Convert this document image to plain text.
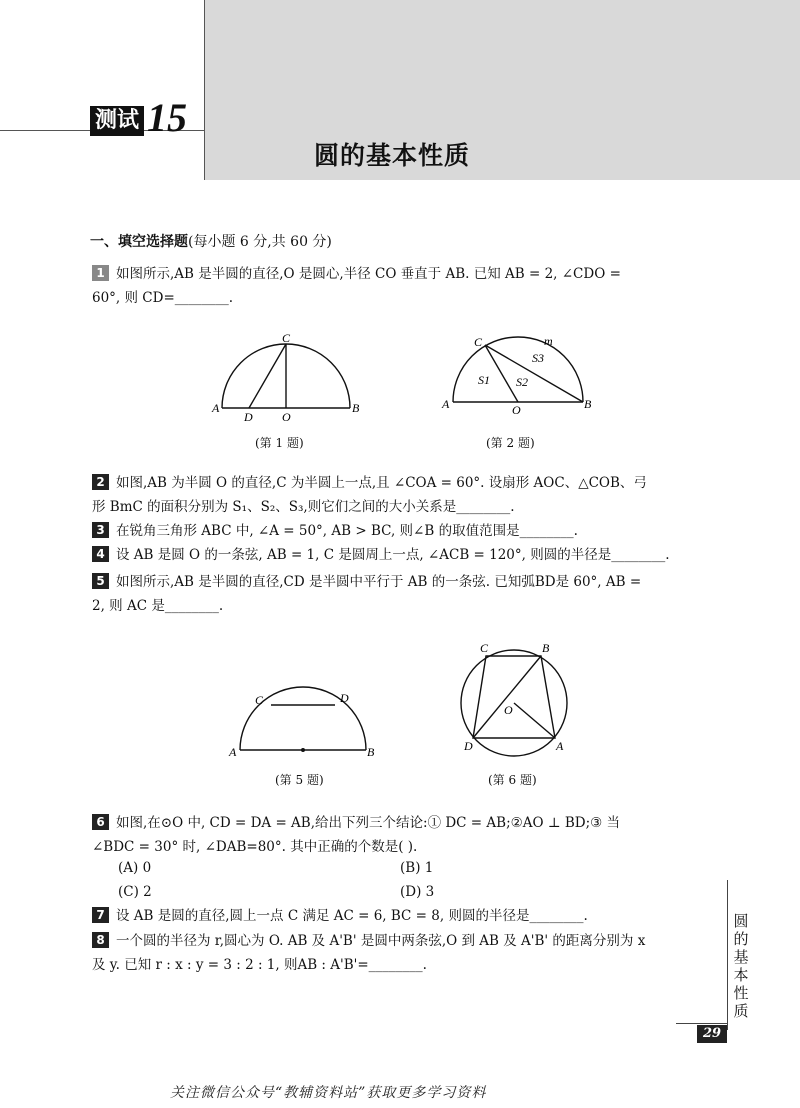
测试 15
圆的基本性质
一、填空选择题(每小题 6 分,共 60 分)
1 如图所示,AB 是半圆的直径,O 是圆心,半径 CO 垂直于 AB. 已知 AB = 2, ∠CDO =
60°, 则 CD=________.
A	B
C
D O
(第 1 题)
A	B
C
O
m
S1 S2
S3
(第 2 题)
2 如图,AB 为半圆 O 的直径,C 为半圆上一点,且 ∠COA = 60°. 设扇形 AOC、△COB、弓
形 BmC 的面积分别为 S₁、S₂、S₃,则它们之间的大小关系是________.
3 在锐角三角形 ABC 中, ∠A = 50°, AB > BC, 则∠B 的取值范围是________.
4 设 AB 是圆 O 的一条弦, AB = 1, C 是圆周上一点, ∠ACB = 120°, 则圆的半径是________.
5 如图所示,AB 是半圆的直径,CD 是半圆中平行于 AB 的一条弦. 已知弧BD是 60°, AB =
2, 则 AC 是________.
A	B
C	D
(第 5 题)
C	B
D	A
O
(第 6 题)
6 如图,在⊙O 中, CD = DA = AB,给出下列三个结论:① DC = AB;②AO ⊥ BD;③ 当
∠BDC = 30° 时, ∠DAB=80°. 其中正确的个数是( ).
(A) 0	(B) 1
(C) 2	(D) 3
7 设 AB 是圆的直径,圆上一点 C 满足 AC = 6, BC = 8, 则圆的半径是________.
8 一个圆的半径为 r,圆心为 O. AB 及 A'B' 是圆中两条弦,O 到 AB 及 A'B' 的距离分别为 x
及 y. 已知 r : x : y = 3 : 2 : 1, 则AB : A'B'=________.
圆的基本性质
29
关注微信公众号“教辅资料站”获取更多学习资料
